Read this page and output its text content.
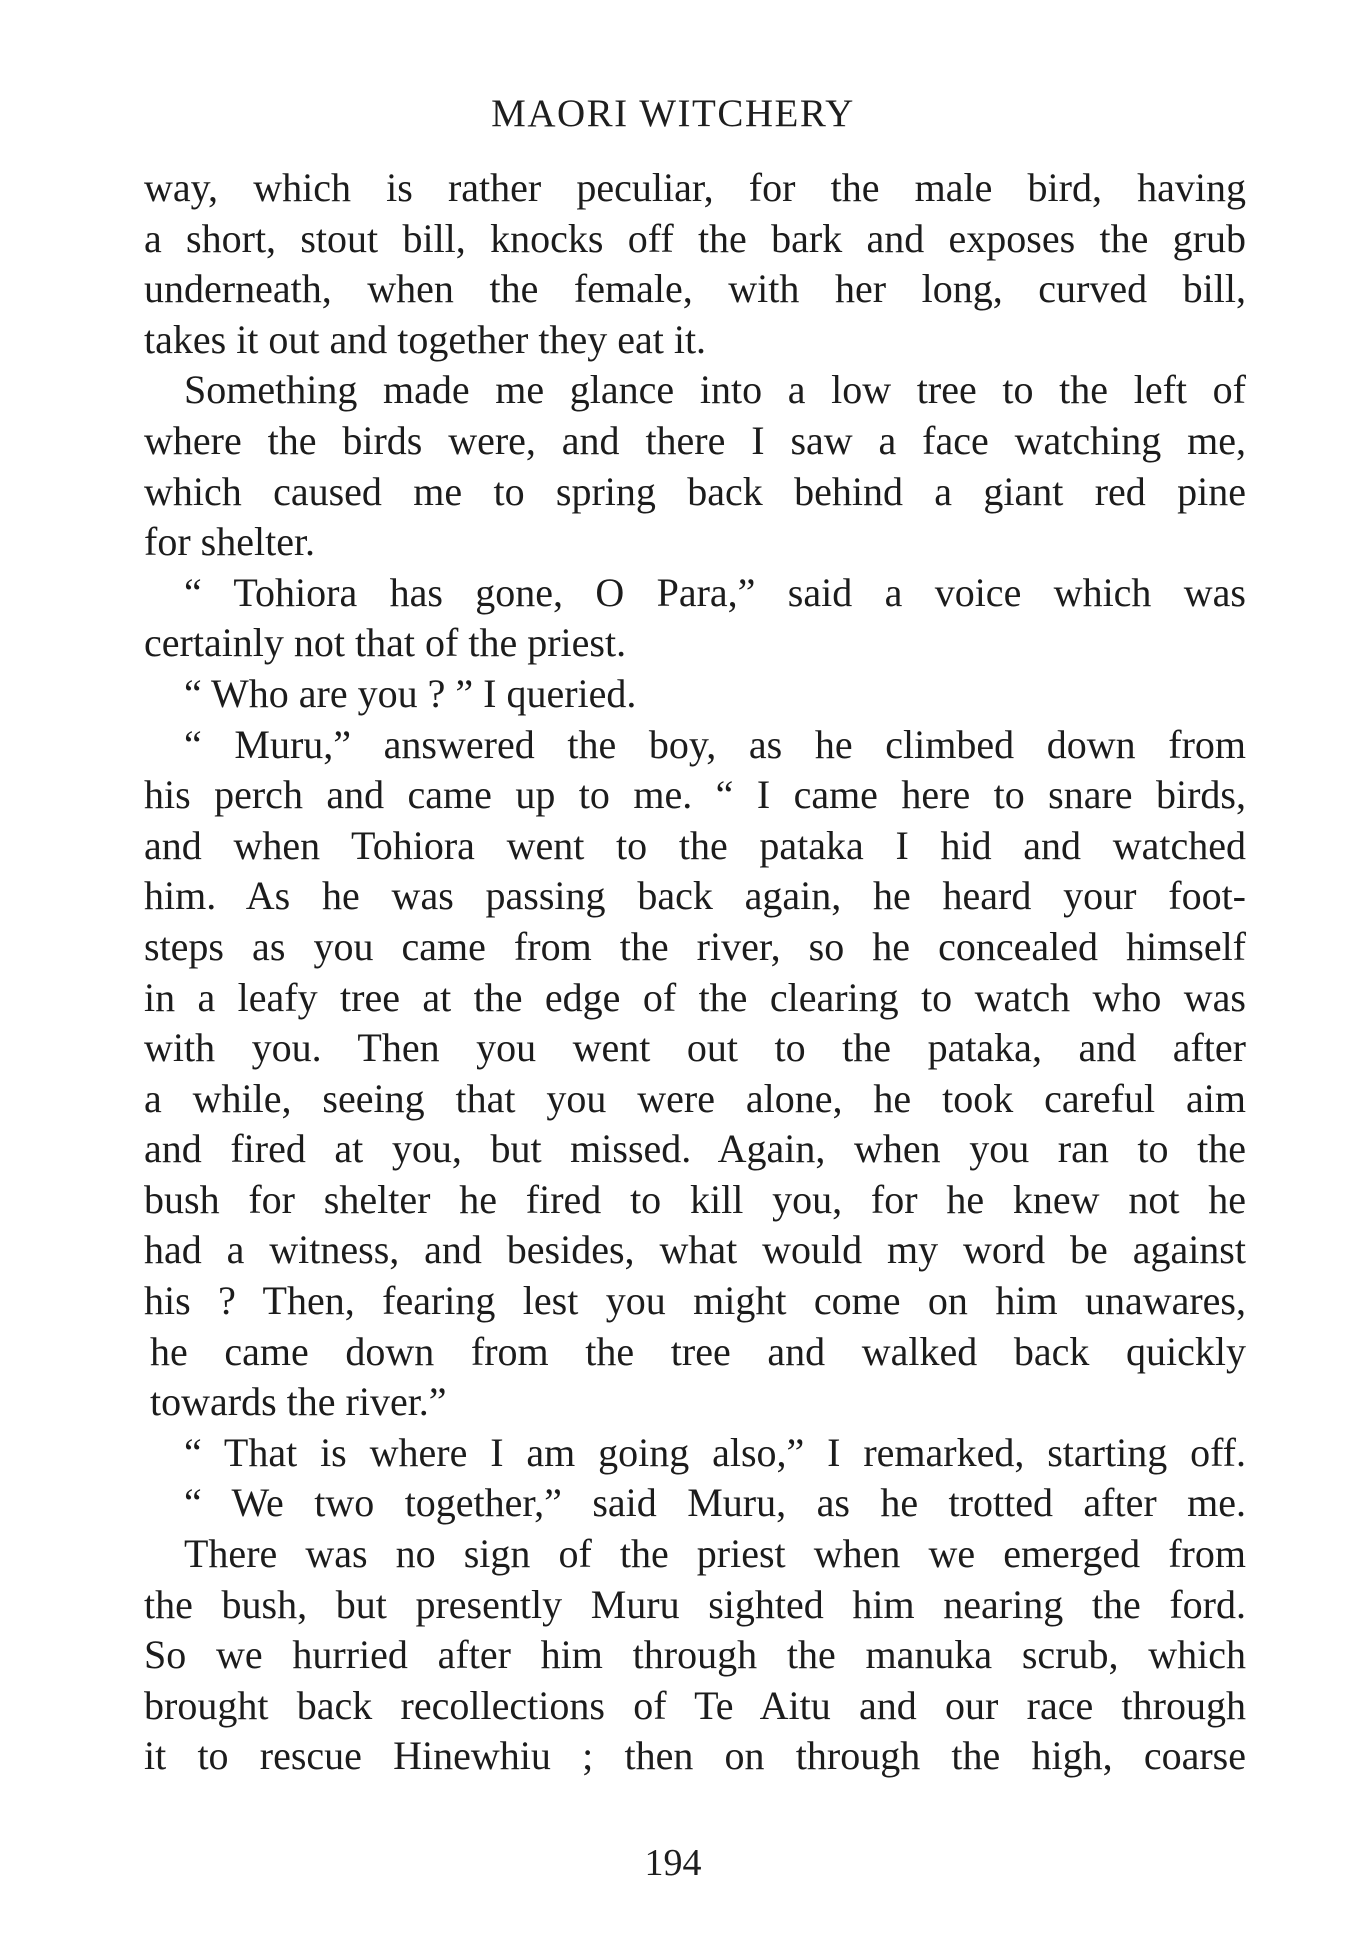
MAORI WITCHERY
way, which is rather peculiar, for the male bird, having
a short, stout bill, knocks off the bark and exposes the grub
underneath, when the female, with her long, curved bill,
takes it out and together they eat it.
Something made me glance into a low tree to the left of
where the birds were, and there I saw a face watching me,
which caused me to spring back behind a giant red pine
for shelter.
“ Tohiora has gone, O Para,” said a voice which was
certainly not that of the priest.
“ Who are you ? ” I queried.
“ Muru,” answered the boy, as he climbed down from
his perch and came up to me. “ I came here to snare birds,
and when Tohiora went to the pataka I hid and watched
him. As he was passing back again, he heard your foot-
steps as you came from the river, so he concealed himself
in a leafy tree at the edge of the clearing to watch who was
with you. Then you went out to the pataka, and after
a while, seeing that you were alone, he took careful aim
and fired at you, but missed. Again, when you ran to the
bush for shelter he fired to kill you, for he knew not he
had a witness, and besides, what would my word be against
his ? Then, fearing lest you might come on him unawares,
he came down from the tree and walked back quickly
towards the river.”
“ That is where I am going also,” I remarked, starting off.
“ We two together,” said Muru, as he trotted after me.
There was no sign of the priest when we emerged from
the bush, but presently Muru sighted him nearing the ford.
So we hurried after him through the manuka scrub, which
brought back recollections of Te Aitu and our race through
it to rescue Hinewhiu ; then on through the high, coarse
194
